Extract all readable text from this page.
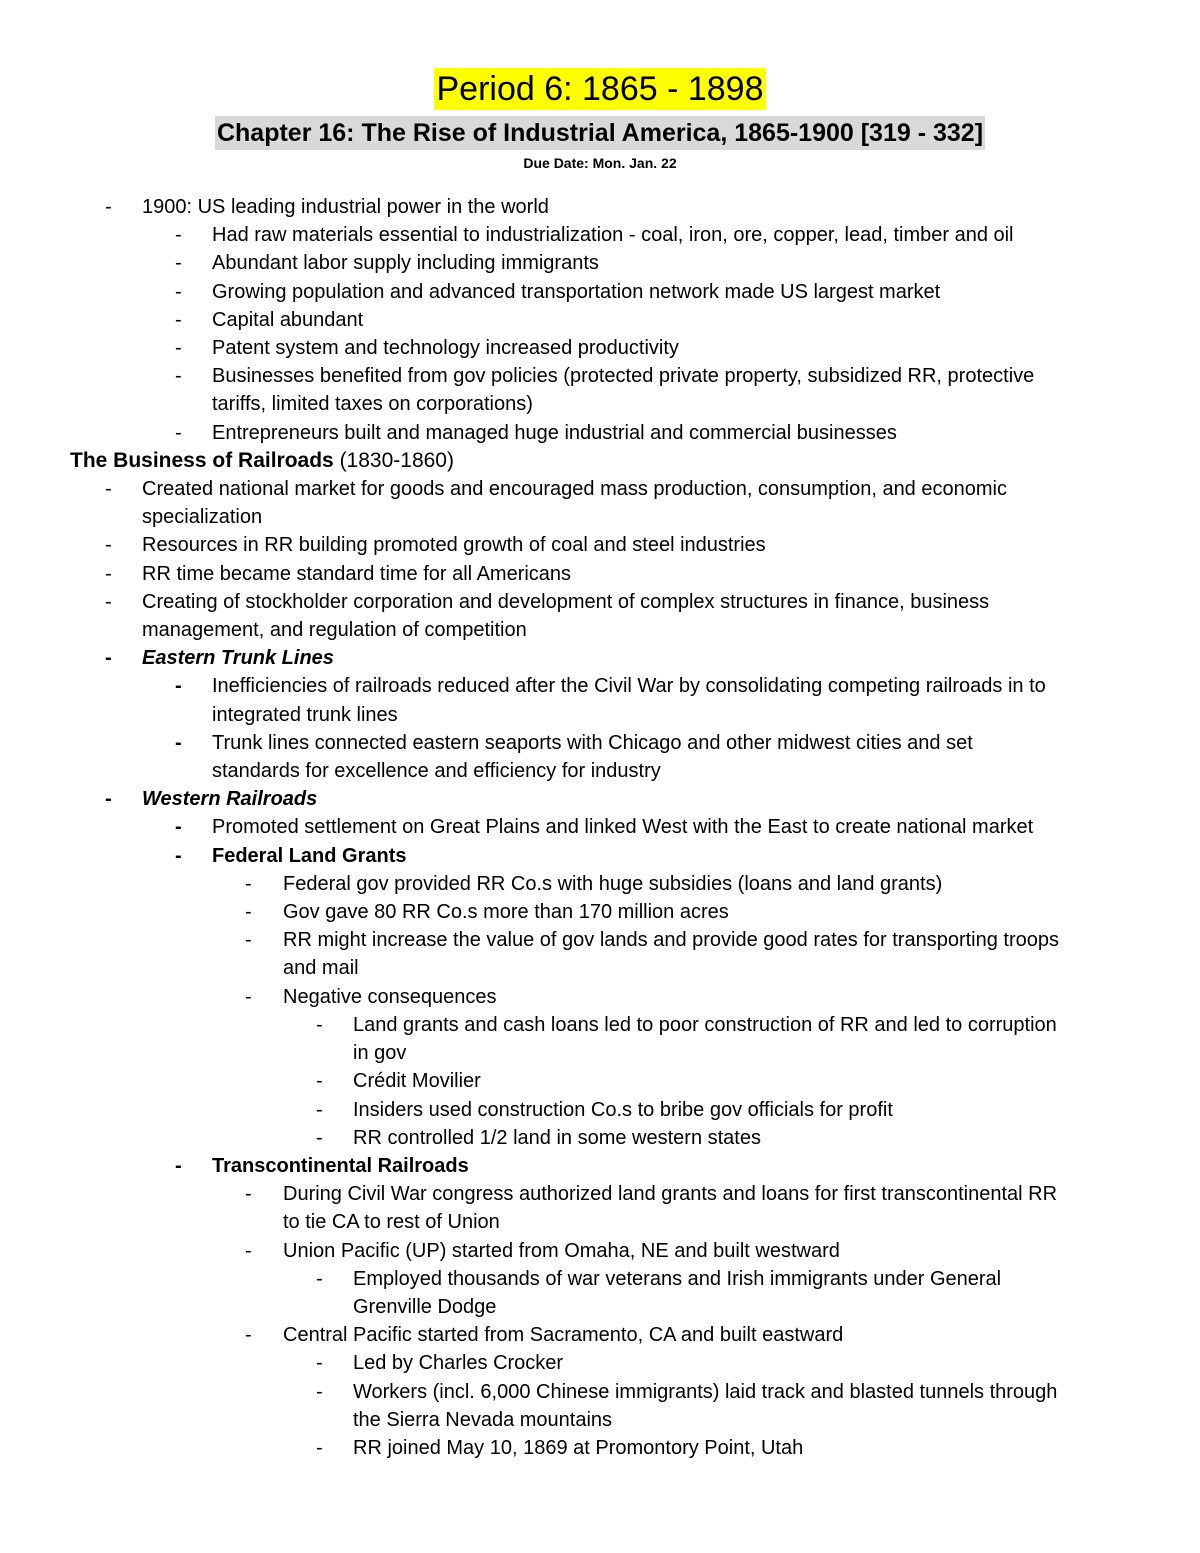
Period 6: 1865 - 1898
Chapter 16: The Rise of Industrial America, 1865-1900 [319 - 332]
Due Date: Mon. Jan. 22
- 1900: US leading industrial power in the world

- Had raw materials essential to industrialization - coal, iron, ore, copper, lead, timber and oil

- Abundant labor supply including immigrants

- Growing population and advanced transportation network made US largest market

- Capital abundant

- Patent system and technology increased productivity

- Businesses benefited from gov policies (protected private property, subsidized RR, protective

tariffs, limited taxes on corporations)

- Entrepreneurs built and managed huge industrial and commercial businesses

The Business of Railroads (1830-1860)

- Created national market for goods and encouraged mass production, consumption, and economic

specialization

- Resources in RR building promoted growth of coal and steel industries

- RR time became standard time for all Americans

- Creating of stockholder corporation and development of complex structures in finance, business

management, and regulation of competition

- Eastern Trunk Lines

- Inefficiencies of railroads reduced after the Civil War by consolidating competing railroads in to

integrated trunk lines

- Trunk lines connected eastern seaports with Chicago and other midwest cities and set

standards for excellence and efficiency for industry

- Western Railroads

- Promoted settlement on Great Plains and linked West with the East to create national market

- Federal Land Grants

- Federal gov provided RR Co.s with huge subsidies (loans and land grants)

- Gov gave 80 RR Co.s more than 170 million acres

- RR might increase the value of gov lands and provide good rates for transporting troops

and mail

- Negative consequences

- Land grants and cash loans led to poor construction of RR and led to corruption

in gov

- Crédit Movilier

- Insiders used construction Co.s to bribe gov officials for profit

- RR controlled 1/2 land in some western states

- Transcontinental Railroads

- During Civil War congress authorized land grants and loans for first transcontinental RR

to tie CA to rest of Union

- Union Pacific (UP) started from Omaha, NE and built westward

- Employed thousands of war veterans and Irish immigrants under General

Grenville Dodge

- Central Pacific started from Sacramento, CA and built eastward

- Led by Charles Crocker

- Workers (incl. 6,000 Chinese immigrants) laid track and blasted tunnels through

the Sierra Nevada mountains

- RR joined May 10, 1869 at Promontory Point, Utah
